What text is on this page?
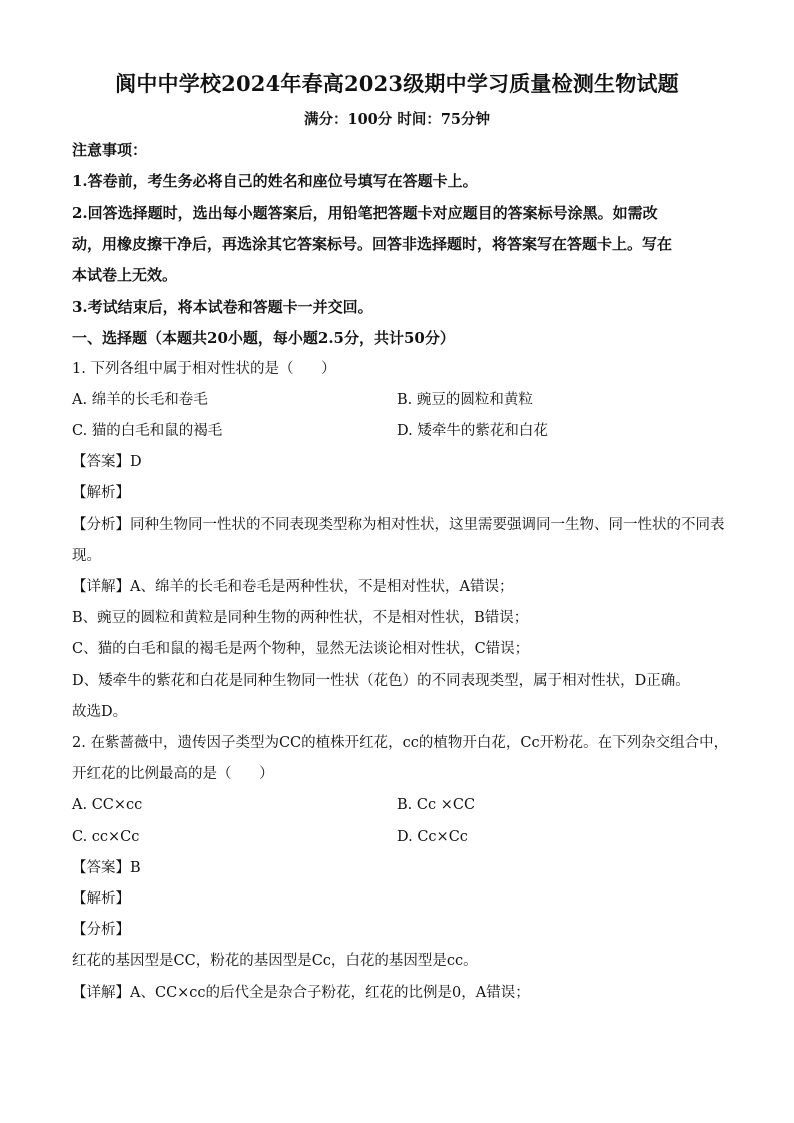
阆中中学校2024年春高2023级期中学习质量检测生物试题
满分：100分 时间：75分钟
注意事项：
1.答卷前，考生务必将自己的姓名和座位号填写在答题卡上。
2.回答选择题时，选出每小题答案后，用铅笔把答题卡对应题目的答案标号涂黑。如需改
动，用橡皮擦干净后，再选涂其它答案标号。回答非选择题时，将答案写在答题卡上。写在
本试卷上无效。
3.考试结束后，将本试卷和答题卡一并交回。
一、选择题（本题共20小题，每小题2.5分，共计50分）
1. 下列各组中属于相对性状的是（      ）
A. 绵羊的长毛和卷毛	B. 豌豆的圆粒和黄粒
C. 猫的白毛和鼠的褐毛	D. 矮牵牛的紫花和白花
【答案】D
【解析】
【分析】同种生物同一性状的不同表现类型称为相对性状，这里需要强调同一生物、同一性状的不同表
现。
【详解】A、绵羊的长毛和卷毛是两种性状，不是相对性状，A错误；
B、豌豆的圆粒和黄粒是同种生物的两种性状，不是相对性状，B错误；
C、猫的白毛和鼠的褐毛是两个物种，显然无法谈论相对性状，C错误；
D、矮牵牛的紫花和白花是同种生物同一性状（花色）的不同表现类型，属于相对性状，D正确。
故选D。
2. 在紫蔷薇中，遗传因子类型为CC的植株开红花，cc的植物开白花，Cc开粉花。在下列杂交组合中，
开红花的比例最高的是（      ）
A. CC×cc	B. Cc ×CC
C. cc×Cc	D. Cc×Cc
【答案】B
【解析】
【分析】
红花的基因型是CC，粉花的基因型是Cc，白花的基因型是cc。
【详解】A、CC×cc的后代全是杂合子粉花，红花的比例是0，A错误；
